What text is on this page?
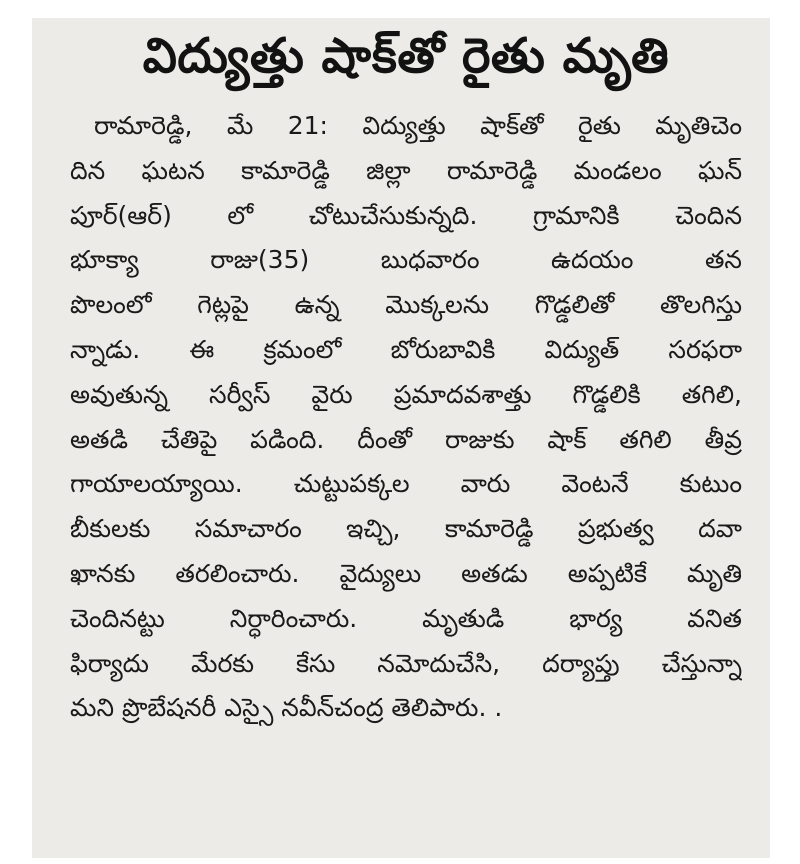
విద్యుత్తు షాక్‌తో రైతు మృతి
రామారెడ్డి, మే 21: విద్యుత్తు షాక్‌తో రైతు మృతిచెం
దిన ఘటన కామారెడ్డి జిల్లా రామారెడ్డి మండలం ఘన్
పూర్(ఆర్) లో చోటుచేసుకున్నది. గ్రామానికి చెందిన
భూక్యా రాజు(35) బుధవారం ఉదయం తన
పొలంలో గెట్లపై ఉన్న మొక్కలను గొడ్డలితో తొలగిస్తు
న్నాడు. ఈ క్రమంలో బోరుబావికి విద్యుత్ సరఫరా
అవుతున్న సర్వీస్ వైరు ప్రమాదవశాత్తు గొడ్డలికి తగిలి,
అతడి చేతిపై పడింది. దీంతో రాజుకు షాక్ తగిలి తీవ్ర
గాయాలయ్యాయి. చుట్టుపక్కల వారు వెంటనే కుటుం
బీకులకు సమాచారం ఇచ్చి, కామారెడ్డి ప్రభుత్వ దవా
ఖానకు తరలించారు. వైద్యులు అతడు అప్పటికే మృతి
చెందినట్టు నిర్ధారించారు. మృతుడి భార్య వనిత
ఫిర్యాదు మేరకు కేసు నమోదుచేసి, దర్యాప్తు చేస్తున్నా
మని ప్రొబేషనరీ ఎస్సై నవీన్‌చంద్ర తెలిపారు. .
